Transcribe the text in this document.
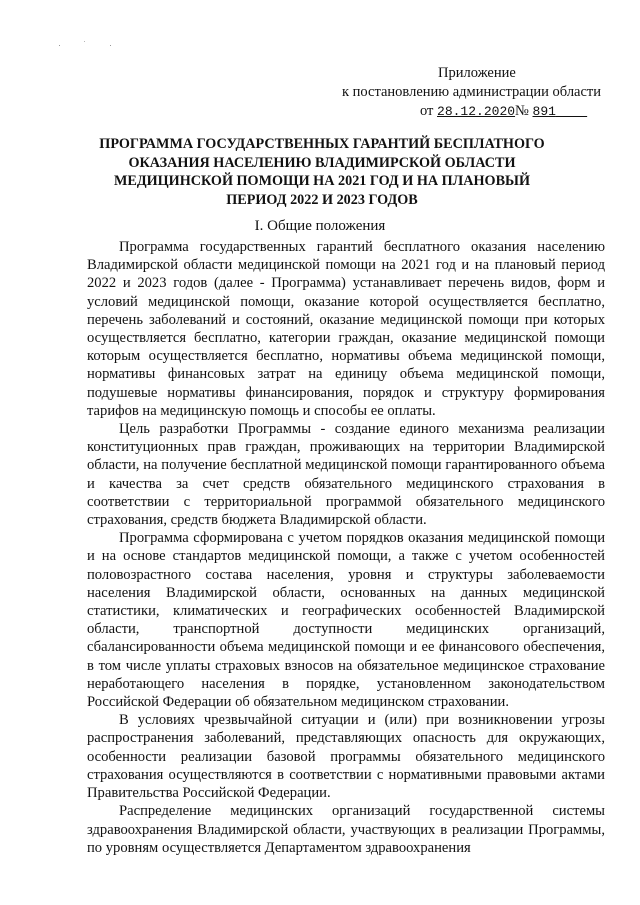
· ˙ ·
Приложение
к постановлению администрации области
от 28.12.2020№ 891
ПРОГРАММА ГОСУДАРСТВЕННЫХ ГАРАНТИЙ БЕСПЛАТНОГО ОКАЗАНИЯ НАСЕЛЕНИЮ ВЛАДИМИРСКОЙ ОБЛАСТИ МЕДИЦИНСКОЙ ПОМОЩИ НА 2021 ГОД И НА ПЛАНОВЫЙ ПЕРИОД 2022 И 2023 ГОДОВ
I. Общие положения

Программа государственных гарантий бесплатного оказания населению Владимирской области медицинской помощи на 2021 год и на плановый период 2022 и 2023 годов (далее - Программа) устанавливает перечень видов, форм и условий медицинской помощи, оказание которой осуществляется бесплатно, перечень заболеваний и состояний, оказание медицинской помощи при которых осуществляется бесплатно, категории граждан, оказание медицинской помощи которым осуществляется бесплатно, нормативы объема медицинской помощи, нормативы финансовых затрат на единицу объема медицинской помощи, подушевые нормативы финансирования, порядок и структуру формирования тарифов на медицинскую помощь и способы ее оплаты.

Цель разработки Программы - создание единого механизма реализации конституционных прав граждан, проживающих на территории Владимирской области, на получение бесплатной медицинской помощи гарантированного объема и качества за счет средств обязательного медицинского страхования в соответствии с территориальной программой обязательного медицинского страхования, средств бюджета Владимирской области.

Программа сформирована с учетом порядков оказания медицинской помощи и на основе стандартов медицинской помощи, а также с учетом особенностей половозрастного состава населения, уровня и структуры заболеваемости населения Владимирской области, основанных на данных медицинской статистики, климатических и географических особенностей Владимирской области, транспортной доступности медицинских организаций, сбалансированности объема медицинской помощи и ее финансового обеспечения, в том числе уплаты страховых взносов на обязательное медицинское страхование неработающего населения в порядке, установленном законодательством Российской Федерации об обязательном медицинском страховании.

В условиях чрезвычайной ситуации и (или) при возникновении угрозы распространения заболеваний, представляющих опасность для окружающих, особенности реализации базовой программы обязательного медицинского страхования осуществляются в соответствии с нормативными правовыми актами Правительства Российской Федерации.

Распределение медицинских организаций государственной системы здравоохранения Владимирской области, участвующих в реализации Программы, по уровням осуществляется Департаментом здравоохранения
